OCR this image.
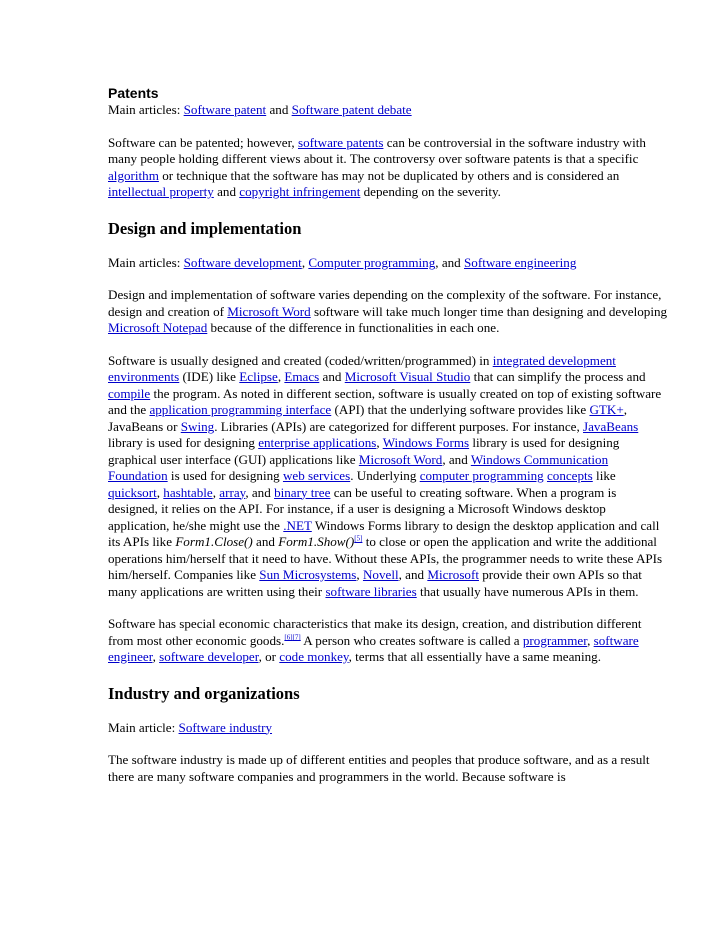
Patents

Main articles: Software patent and Software patent debate

Software can be patented; however, software patents can be controversial in the software industry with many people holding different views about it. The controversy over software patents is that a specific algorithm or technique that the software has may not be duplicated by others and is considered an intellectual property and copyright infringement depending on the severity.

Design and implementation

Main articles: Software development, Computer programming, and Software engineering

Design and implementation of software varies depending on the complexity of the software. For instance, design and creation of Microsoft Word software will take much longer time than designing and developing Microsoft Notepad because of the difference in functionalities in each one.

Software is usually designed and created (coded/written/programmed) in integrated development environments (IDE) like Eclipse, Emacs and Microsoft Visual Studio that can simplify the process and compile the program. As noted in different section, software is usually created on top of existing software and the application programming interface (API) that the underlying software provides like GTK+, JavaBeans or Swing. Libraries (APIs) are categorized for different purposes. For instance, JavaBeans library is used for designing enterprise applications, Windows Forms library is used for designing graphical user interface (GUI) applications like Microsoft Word, and Windows Communication Foundation is used for designing web services. Underlying computer programming concepts like quicksort, hashtable, array, and binary tree can be useful to creating software. When a program is designed, it relies on the API. For instance, if a user is designing a Microsoft Windows desktop application, he/she might use the .NET Windows Forms library to design the desktop application and call its APIs like Form1.Close() and Form1.Show()[5] to close or open the application and write the additional operations him/herself that it need to have. Without these APIs, the programmer needs to write these APIs him/herself. Companies like Sun Microsystems, Novell, and Microsoft provide their own APIs so that many applications are written using their software libraries that usually have numerous APIs in them.

Software has special economic characteristics that make its design, creation, and distribution different from most other economic goods.[6][7] A person who creates software is called a programmer, software engineer, software developer, or code monkey, terms that all essentially have a same meaning.

Industry and organizations

Main article: Software industry

The software industry is made up of different entities and peoples that produce software, and as a result there are many software companies and programmers in the world. Because software is
